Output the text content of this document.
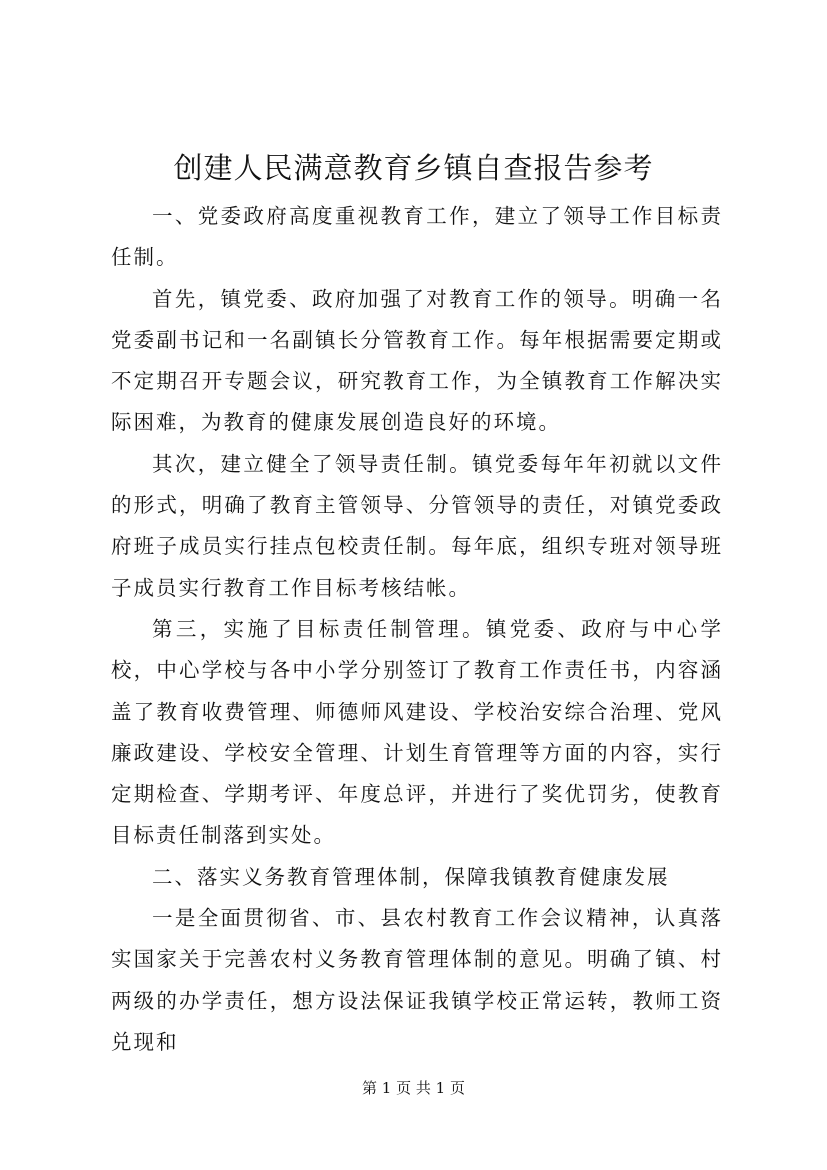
创建人民满意教育乡镇自查报告参考

一、党委政府高度重视教育工作，建立了领导工作目标责任制。

首先，镇党委、政府加强了对教育工作的领导。明确一名党委副书记和一名副镇长分管教育工作。每年根据需要定期或不定期召开专题会议，研究教育工作，为全镇教育工作解决实际困难，为教育的健康发展创造良好的环境。

其次，建立健全了领导责任制。镇党委每年年初就以文件的形式，明确了教育主管领导、分管领导的责任，对镇党委政府班子成员实行挂点包校责任制。每年底，组织专班对领导班子成员实行教育工作目标考核结帐。

第三，实施了目标责任制管理。镇党委、政府与中心学校，中心学校与各中小学分别签订了教育工作责任书，内容涵盖了教育收费管理、师德师风建设、学校治安综合治理、党风廉政建设、学校安全管理、计划生育管理等方面的内容，实行定期检查、学期考评、年度总评，并进行了奖优罚劣，使教育目标责任制落到实处。

二、落实义务教育管理体制，保障我镇教育健康发展

一是全面贯彻省、市、县农村教育工作会议精神，认真落实国家关于完善农村义务教育管理体制的意见。明确了镇、村两级的办学责任，想方设法保证我镇学校正常运转，教师工资兑现和

第 1 页 共 1 页
